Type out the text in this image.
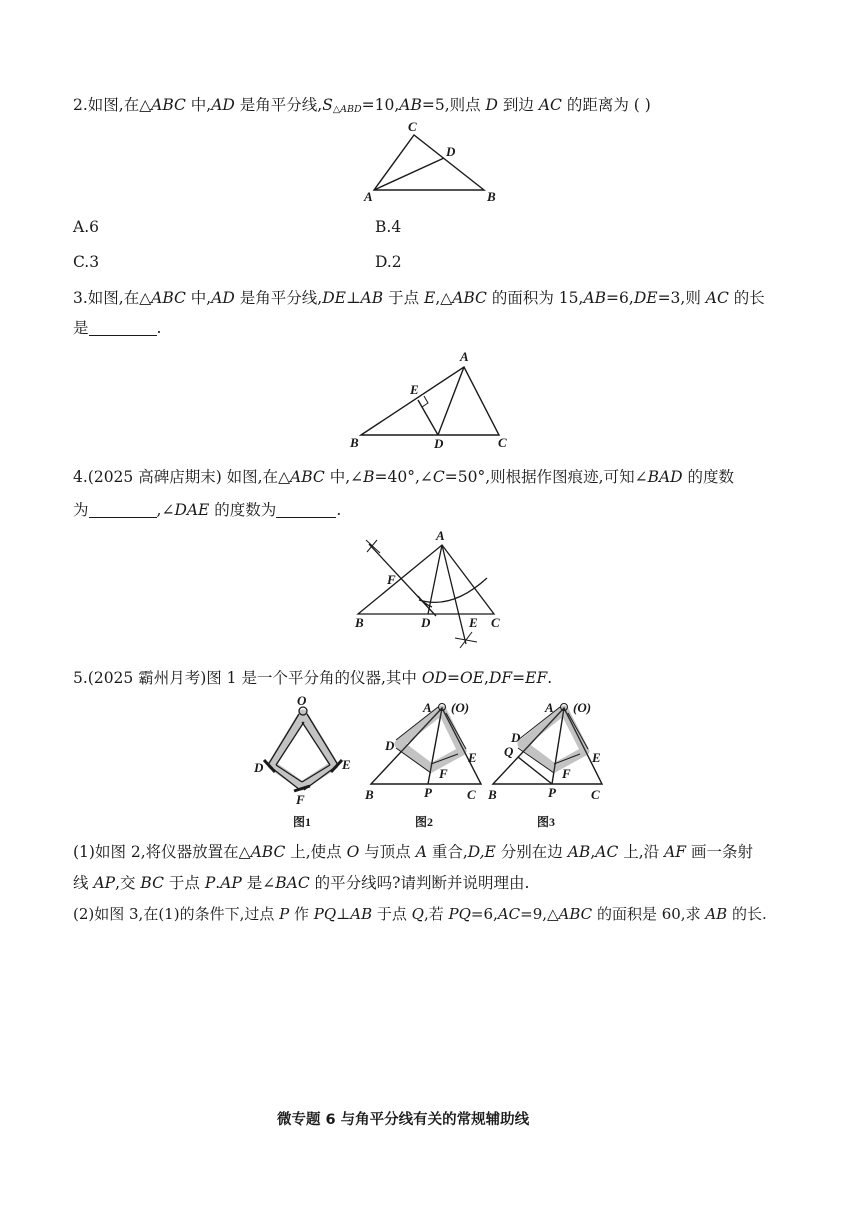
2.如图,在△ABC 中,AD 是角平分线$,S_{\triangle ABD}=10,AB=5$,则点 D 到边 AC 的距离为 ( )
A	B
C
D
A.6	B.4
C.3	D.2
3.如图,在△ABC 中,AD 是角平分线,DE⊥AB 于点 E,△ABC 的面积为 15,AB=6,DE=3,则 AC 的长
是	.
B
A
C
D
E
4.(2025 高碑店期末) 如图,在△ABC 中,∠B=40°,∠C=50°,则根据作图痕迹,可知∠BAD 的度数
为	,∠DAE 的度数为	.
A
B	C
D	E
F
5.(2025 霸州月考)图 1 是一个平分角的仪器,其中 OD=OE,DF=EF.
O
D	E
F
A (O)
D
E
F
B	P	C
A (O)
Q
D
E
F
B	P	C
图1	图2	图3
(1)如图 2,将仪器放置在△ABC 上,使点 O 与顶点 A 重合,D,E 分别在边 AB,AC 上,沿 AF 画一条射
线 AP,交 BC 于点 P.AP 是∠BAC 的平分线吗?请判断并说明理由.
(2)如图 3,在(1)的条件下,过点 P 作 PQ⊥AB 于点 Q,若 PQ=6,AC=9,△ABC 的面积是 60,求 AB 的长.
微专题 6 与角平分线有关的常规辅助线
